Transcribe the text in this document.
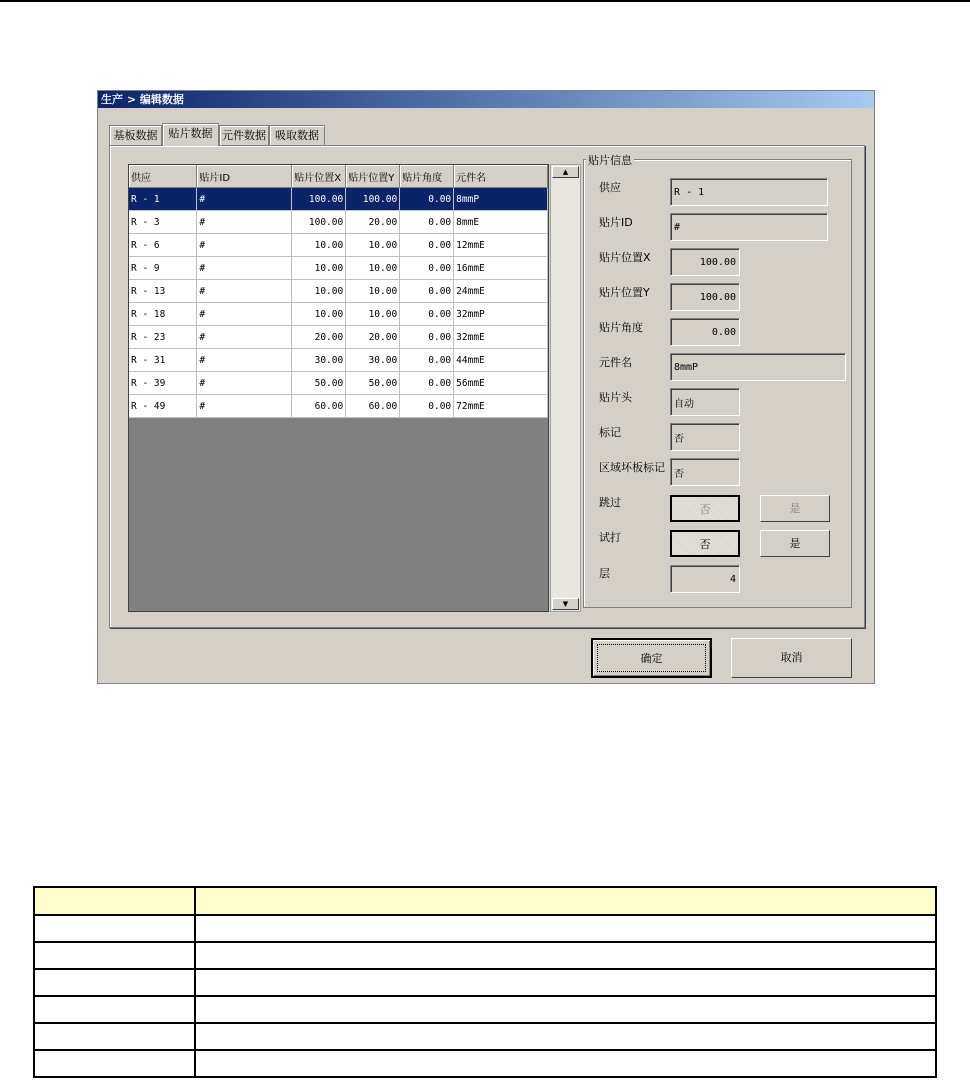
生产 > 编辑数据
基板数据	贴片数据 元件数据 吸取数据
供应	贴片ID	贴片位置X	贴片位置Y	贴片角度	元件名
R - 1	#	100.00	100.00	0.00	8mmP
R - 3	#	100.00	20.00	0.00	8mmE
R - 6	#	10.00	10.00	0.00	12mmE
R - 9	#	10.00	10.00	0.00	16mmE
R - 13	#	10.00	10.00	0.00	24mmE
R - 18	#	10.00	10.00	0.00	32mmP
R - 23	#	20.00	20.00	0.00	32mmE
R - 31	#	30.00	30.00	0.00	44mmE
R - 39	#	50.00	50.00	0.00	56mmE
R - 49	#	60.00	60.00	0.00	72mmE
▲
▼
贴片信息
供应	R - 1
贴片ID	#
贴片位置X	100.00
贴片位置Y	100.00
贴片角度	0.00
元件名	8mmP
贴片头	自动
标记	否
区域坏板标记 否
跳过
否	是
试打
否	是
层	4
确定	取消
